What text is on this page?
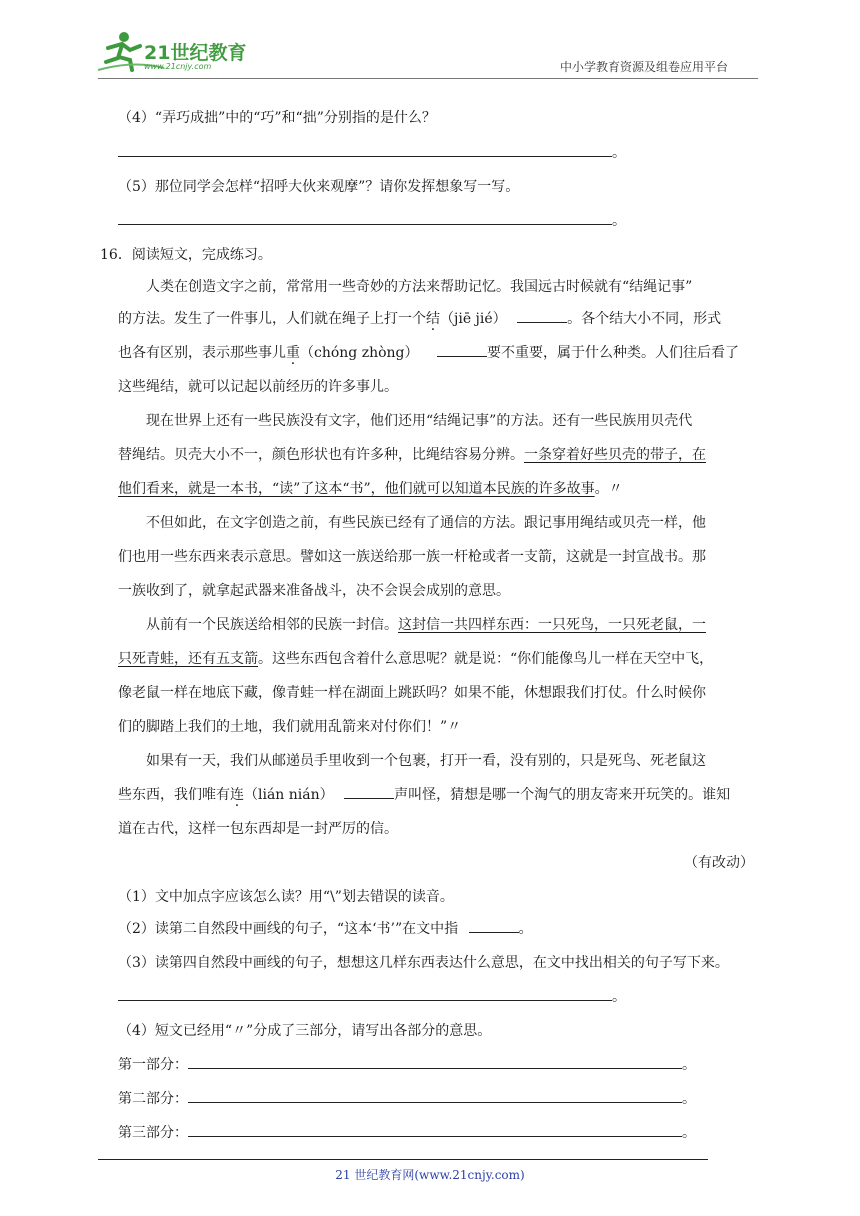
21世纪教育
www.21cnjy.com	中小学教育资源及组卷应用平台
（4）“弄巧成拙”中的“巧”和“拙”分别指的是什么？
。
（5）那位同学会怎样“招呼大伙来观摩”？请你发挥想象写一写。
。
16．阅读短文，完成练习。
人类在创造文字之前，常常用一些奇妙的方法来帮助记忆。我国远古时候就有“结绳记事”
的方法。发生了一件事儿，人们就在绳子上打一个结（jiē jié）	。各个结大小不同，形式
也各有区别，表示那些事儿重（chóng zhòng）	要不重要，属于什么种类。人们往后看了
这些绳结，就可以记起以前经历的许多事儿。
现在世界上还有一些民族没有文字，他们还用“结绳记事”的方法。还有一些民族用贝壳代
替绳结。贝壳大小不一，颜色形状也有许多种，比绳结容易分辨。一条穿着好些贝壳的带子，在
他们看来，就是一本书，“读”了这本“书”，他们就可以知道本民族的许多故事。〃
不但如此，在文字创造之前，有些民族已经有了通信的方法。跟记事用绳结或贝壳一样，他
们也用一些东西来表示意思。譬如这一族送给那一族一杆枪或者一支箭，这就是一封宣战书。那
一族收到了，就拿起武器来准备战斗，决不会误会成别的意思。
从前有一个民族送给相邻的民族一封信。这封信一共四样东西：一只死鸟，一只死老鼠，一
只死青蛙，还有五支箭。这些东西包含着什么意思呢？就是说：“你们能像鸟儿一样在天空中飞，
像老鼠一样在地底下藏，像青蛙一样在湖面上跳跃吗？如果不能，休想跟我们打仗。什么时候你
们的脚踏上我们的土地，我们就用乱箭来对付你们！”〃
如果有一天，我们从邮递员手里收到一个包裹，打开一看，没有别的，只是死鸟、死老鼠这
些东西，我们唯有连（lián nián）	声叫怪，猜想是哪一个淘气的朋友寄来开玩笑的。谁知
道在古代，这样一包东西却是一封严厉的信。
（有改动）
（1）文中加点字应该怎么读？用“\”划去错误的读音。
（2）读第二自然段中画线的句子，“这本‘书’”在文中指	。
（3）读第四自然段中画线的句子，想想这几样东西表达什么意思，在文中找出相关的句子写下来。
。
（4）短文已经用“〃”分成了三部分，请写出各部分的意思。
第一部分：	。
第二部分：	。
第三部分：	。
21 世纪教育网(www.21cnjy.com)
